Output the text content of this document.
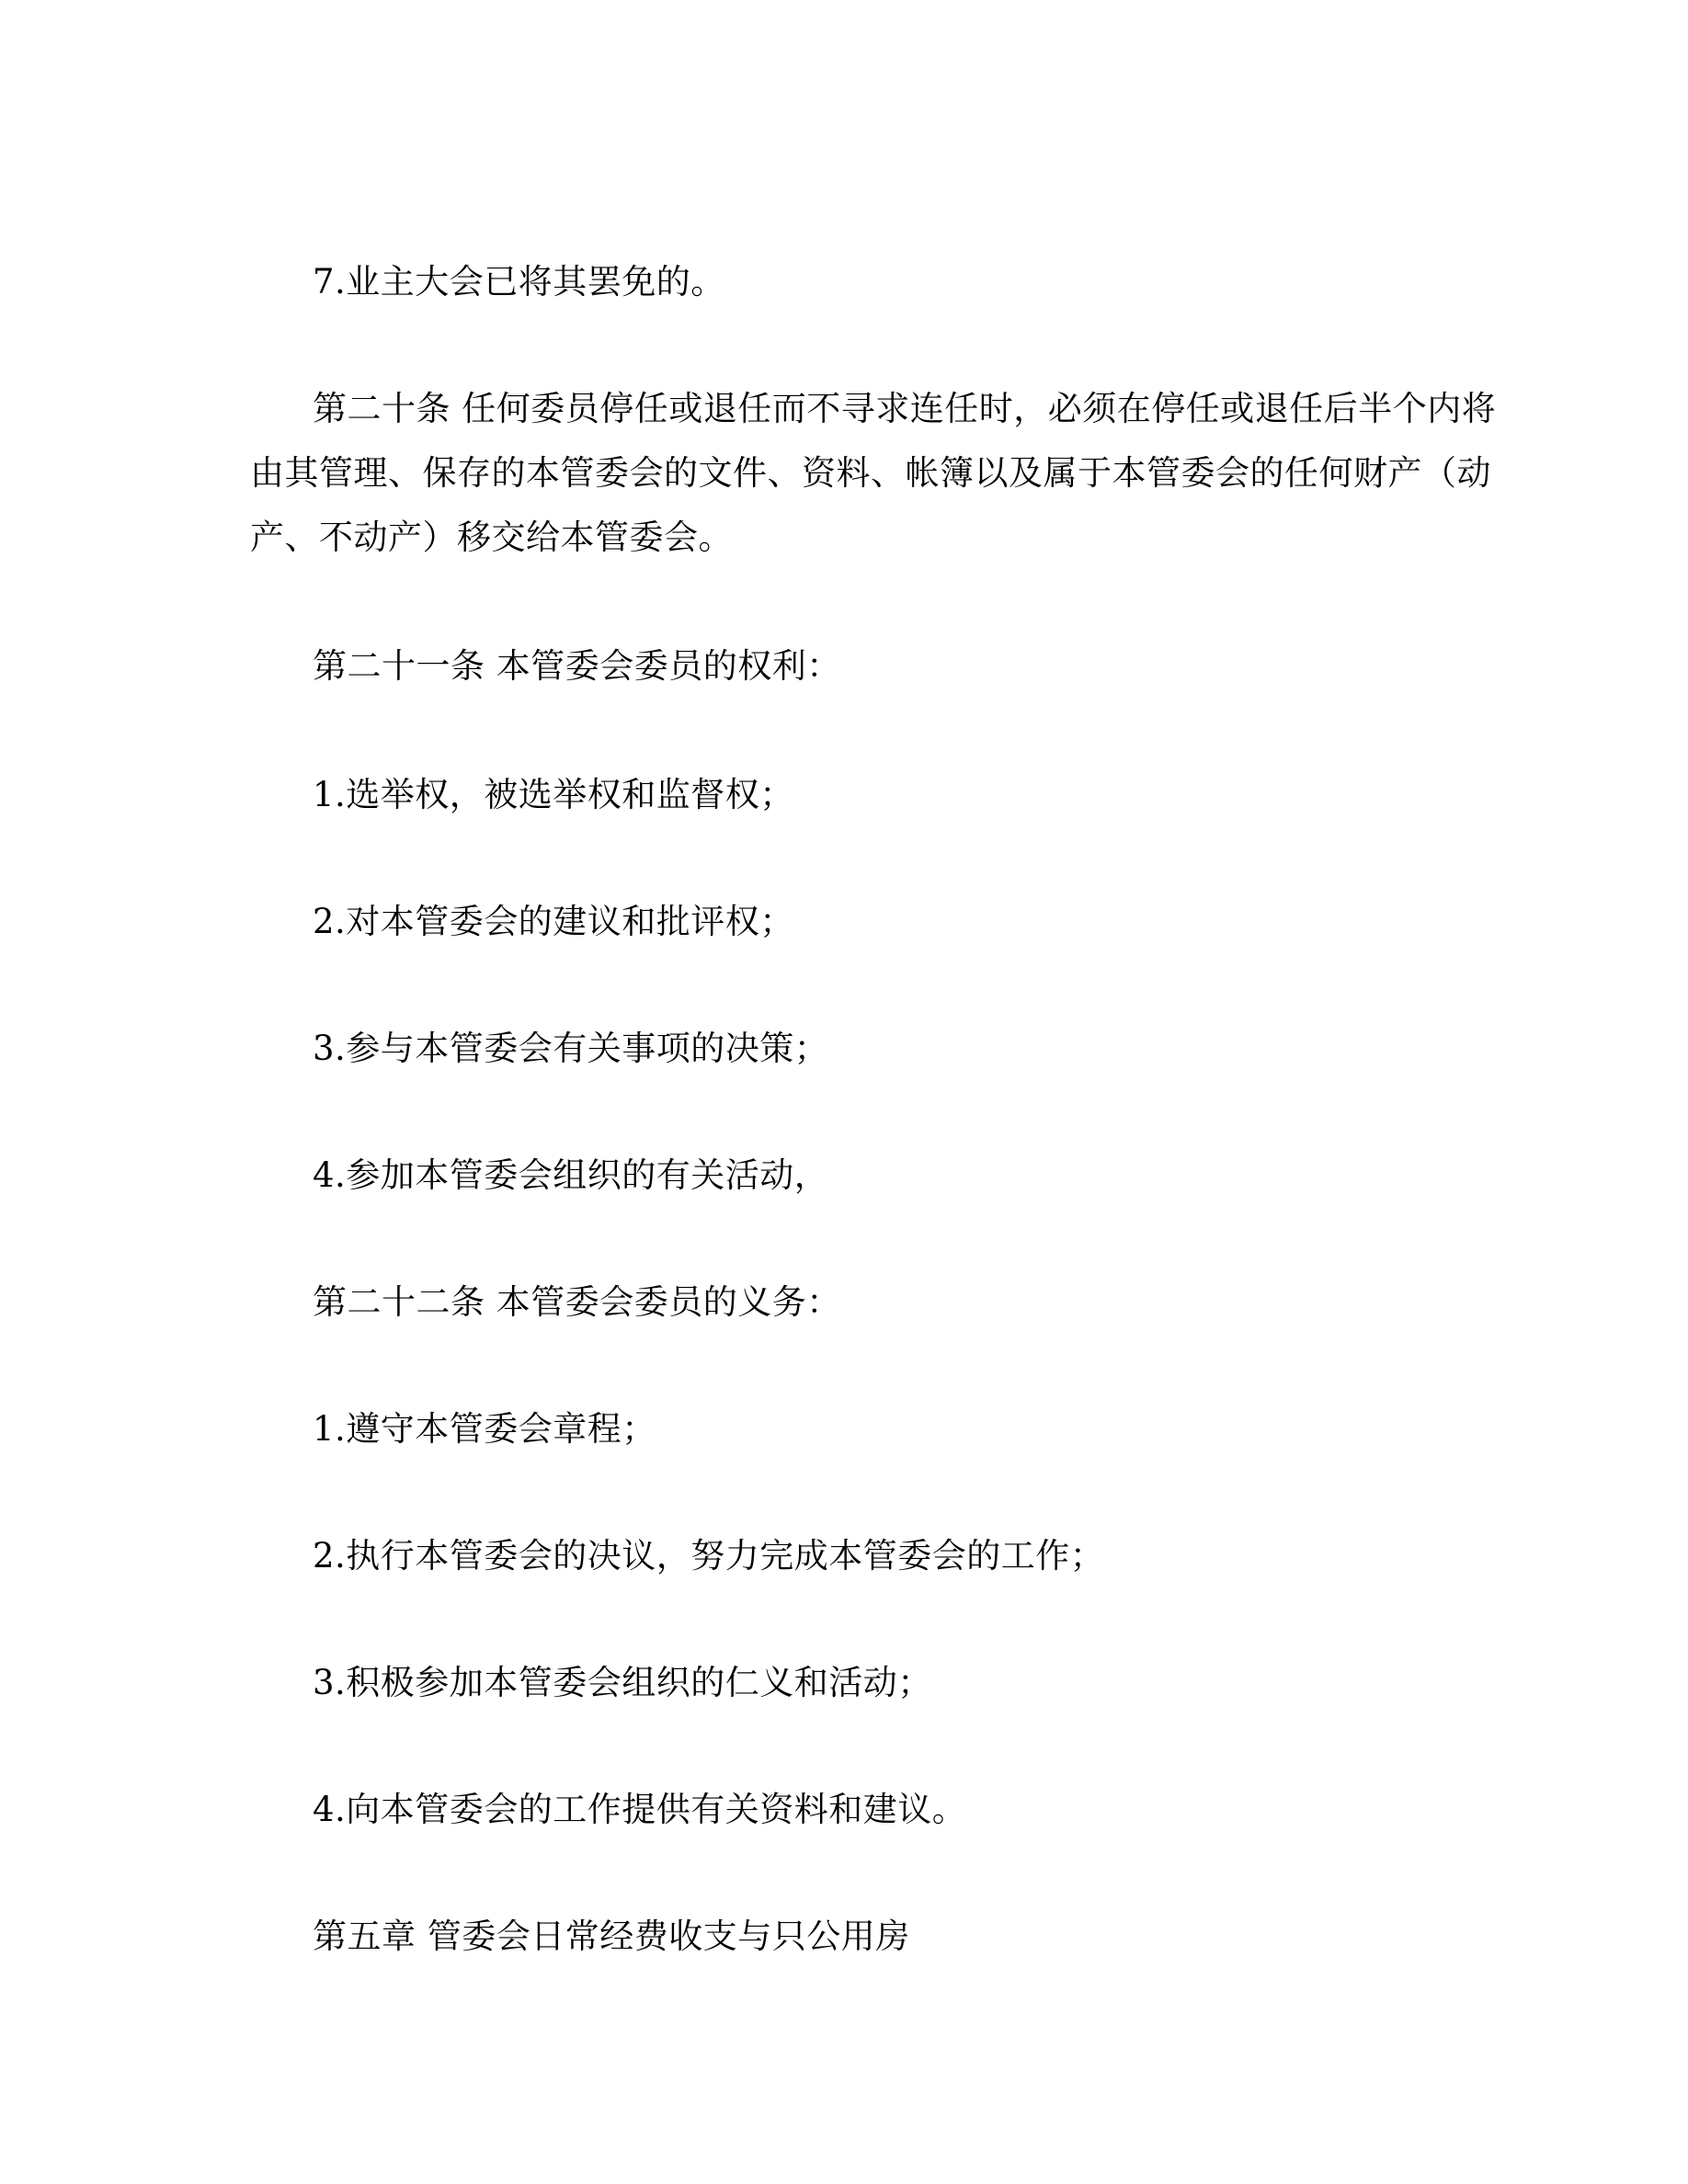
7.业主大会已将其罢免的。
第二十条 任何委员停任或退任而不寻求连任时，必须在停任或退任后半个内将
由其管理、保存的本管委会的文件、资料、帐簿以及属于本管委会的任何财产（动
产、不动产）移交给本管委会。
第二十一条 本管委会委员的权利：
1.选举权，被选举权和监督权；
2.对本管委会的建议和批评权；
3.参与本管委会有关事项的决策；
4.参加本管委会组织的有关活动，
第二十二条 本管委会委员的义务：
1.遵守本管委会章程；
2.执行本管委会的决议，努力完成本管委会的工作；
3.积极参加本管委会组织的仁义和活动；
4.向本管委会的工作提供有关资料和建议。
第五章 管委会日常经费收支与只公用房
